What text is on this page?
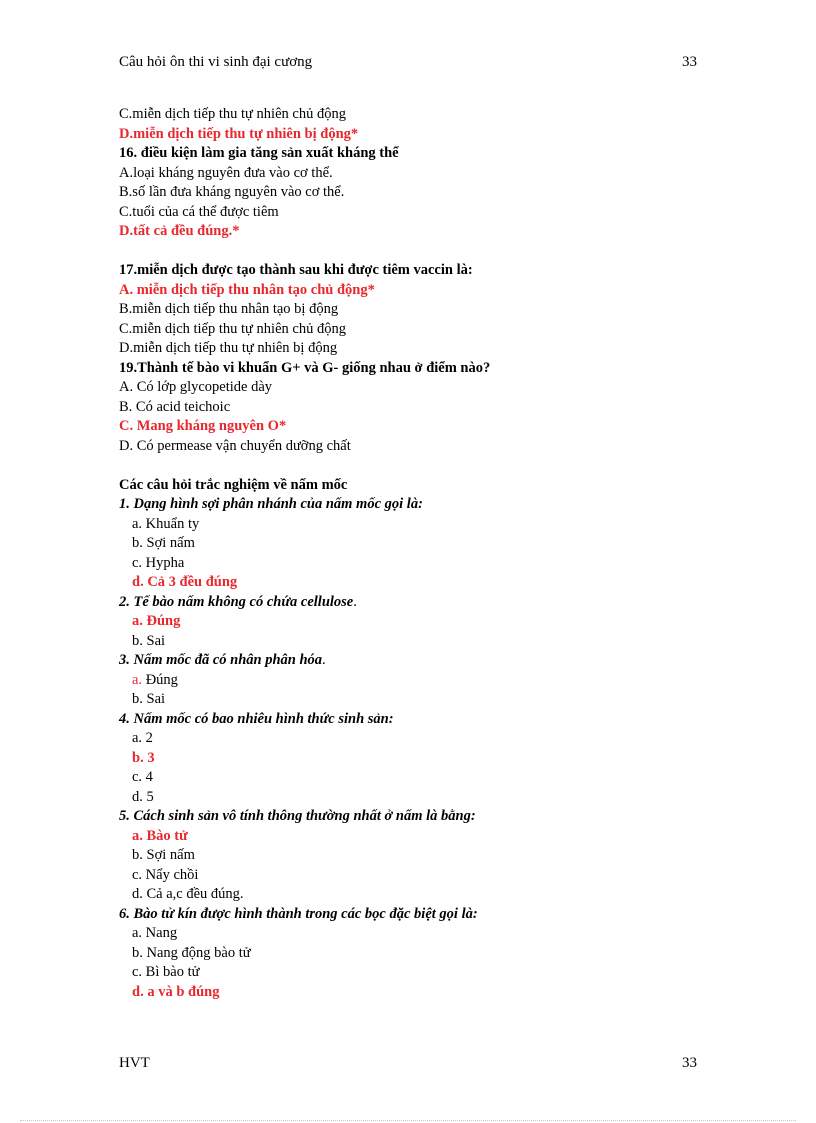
Câu hỏi ôn thi vi sinh đại cương	33
C.miễn dịch tiếp thu tự nhiên chủ động
D.miễn dịch tiếp thu tự nhiên bị động*
16. điều kiện làm gia tăng sản xuất kháng thể
A.loại kháng nguyên đưa vào cơ thể.
B.số lần đưa kháng nguyên vào cơ thể.
C.tuổi của cá thể được tiêm
D.tất cả đều đúng.*
17.miễn dịch được tạo thành sau khi được tiêm vaccin là:
A. miễn dịch tiếp thu nhân tạo chủ động*
B.miễn dịch tiếp thu nhân tạo bị động
C.miễn dịch tiếp thu tự nhiên chủ động
D.miễn dịch tiếp thu tự nhiên bị động
19.Thành tế bào vi khuẩn G+ và G- giống nhau ở điểm nào?
A. Có lớp glycopetide dày
B. Có acid teichoic
C. Mang kháng nguyên O*
D. Có permease vận chuyển dưỡng chất
Các câu hỏi trắc nghiệm về nấm mốc
1. Dạng hình sợi phân nhánh của nấm mốc gọi là:
a. Khuẩn ty
b. Sợi nấm
c. Hypha
d. Cả 3 đều đúng
2. Tế bào nấm không có chứa cellulose.
a. Đúng
b. Sai
3. Nấm mốc đã có nhân phân hóa.
a. Đúng
b. Sai
4. Nấm mốc có bao nhiêu hình thức sinh sản:
a. 2
b. 3
c. 4
d. 5
5. Cách sinh sản vô tính thông thường nhất ở nấm là bằng:
a. Bào tử
b. Sợi nấm
c. Nẩy chồi
d. Cả a,c đều đúng.
6. Bào tử kín được hình thành trong các bọc đặc biệt gọi là:
a. Nang
b. Nang động bào tử
c. Bì bào tử
d. a và b đúng
HVT	33
